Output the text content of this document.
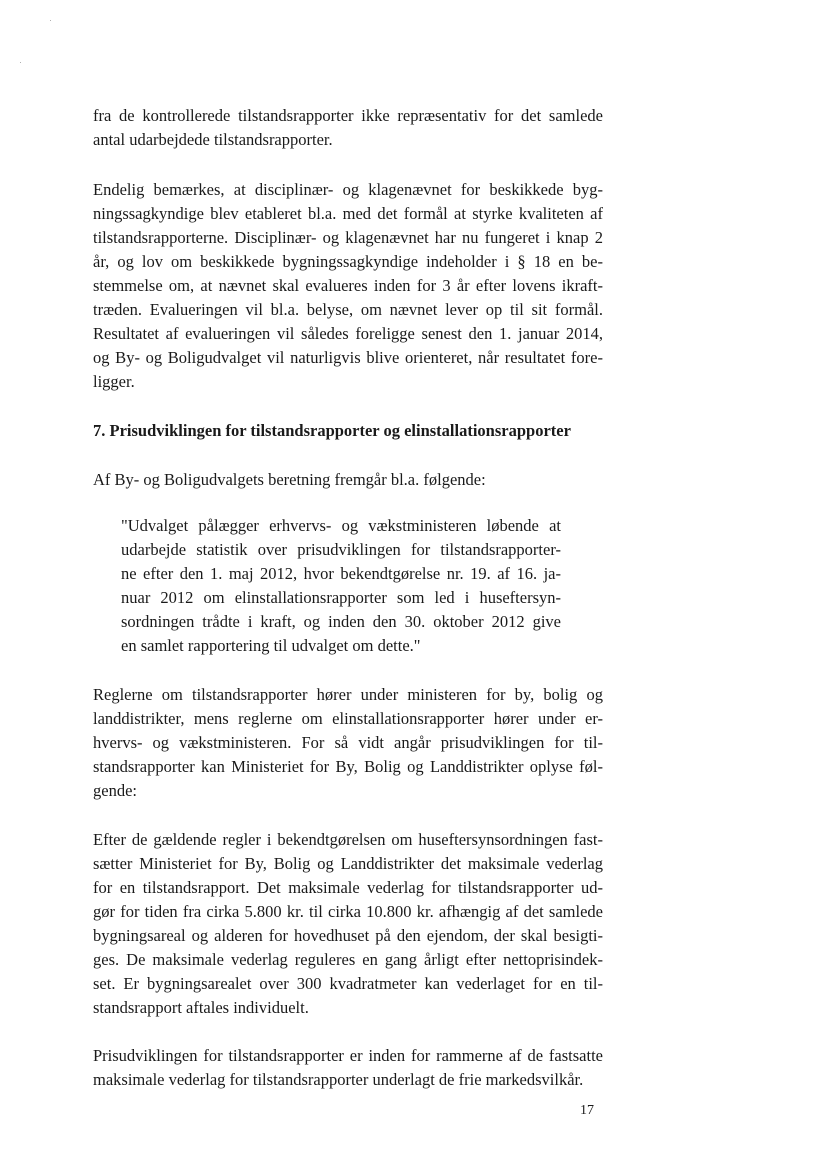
fra de kontrollerede tilstandsrapporter ikke repræsentativ for det samlede
antal udarbejdede tilstandsrapporter.
Endelig bemærkes, at disciplinær- og klagenævnet for beskikkede byg-
ningssagkyndige blev etableret bl.a. med det formål at styrke kvaliteten af
tilstandsrapporterne. Disciplinær- og klagenævnet har nu fungeret i knap 2
år, og lov om beskikkede bygningssagkyndige indeholder i § 18 en be-
stemmelse om, at nævnet skal evalueres inden for 3 år efter lovens ikraft-
træden. Evalueringen vil bl.a. belyse, om nævnet lever op til sit formål.
Resultatet af evalueringen vil således foreligge senest den 1. januar 2014,
og By- og Boligudvalget vil naturligvis blive orienteret, når resultatet fore-
ligger.
7. Prisudviklingen for tilstandsrapporter og elinstallationsrapporter
Af By- og Boligudvalgets beretning fremgår bl.a. følgende:
"Udvalget pålægger erhvervs- og vækstministeren løbende at
udarbejde statistik over prisudviklingen for tilstandsrapporter-
ne efter den 1. maj 2012, hvor bekendtgørelse nr. 19. af 16. ja-
nuar 2012 om elinstallationsrapporter som led i huseftersyn-
sordningen trådte i kraft, og inden den 30. oktober 2012 give
en samlet rapportering til udvalget om dette."
Reglerne om tilstandsrapporter hører under ministeren for by, bolig og
landdistrikter, mens reglerne om elinstallationsrapporter hører under er-
hvervs- og vækstministeren. For så vidt angår prisudviklingen for til-
standsrapporter kan Ministeriet for By, Bolig og Landdistrikter oplyse føl-
gende:
Efter de gældende regler i bekendtgørelsen om huseftersynsordningen fast-
sætter Ministeriet for By, Bolig og Landdistrikter det maksimale vederlag
for en tilstandsrapport. Det maksimale vederlag for tilstandsrapporter ud-
gør for tiden fra cirka 5.800 kr. til cirka 10.800 kr. afhængig af det samlede
bygningsareal og alderen for hovedhuset på den ejendom, der skal besigti-
ges. De maksimale vederlag reguleres en gang årligt efter nettoprisindek-
set. Er bygningsarealet over 300 kvadratmeter kan vederlaget for en til-
standsrapport aftales individuelt.
Prisudviklingen for tilstandsrapporter er inden for rammerne af de fastsatte
maksimale vederlag for tilstandsrapporter underlagt de frie markedsvilkår.
17
